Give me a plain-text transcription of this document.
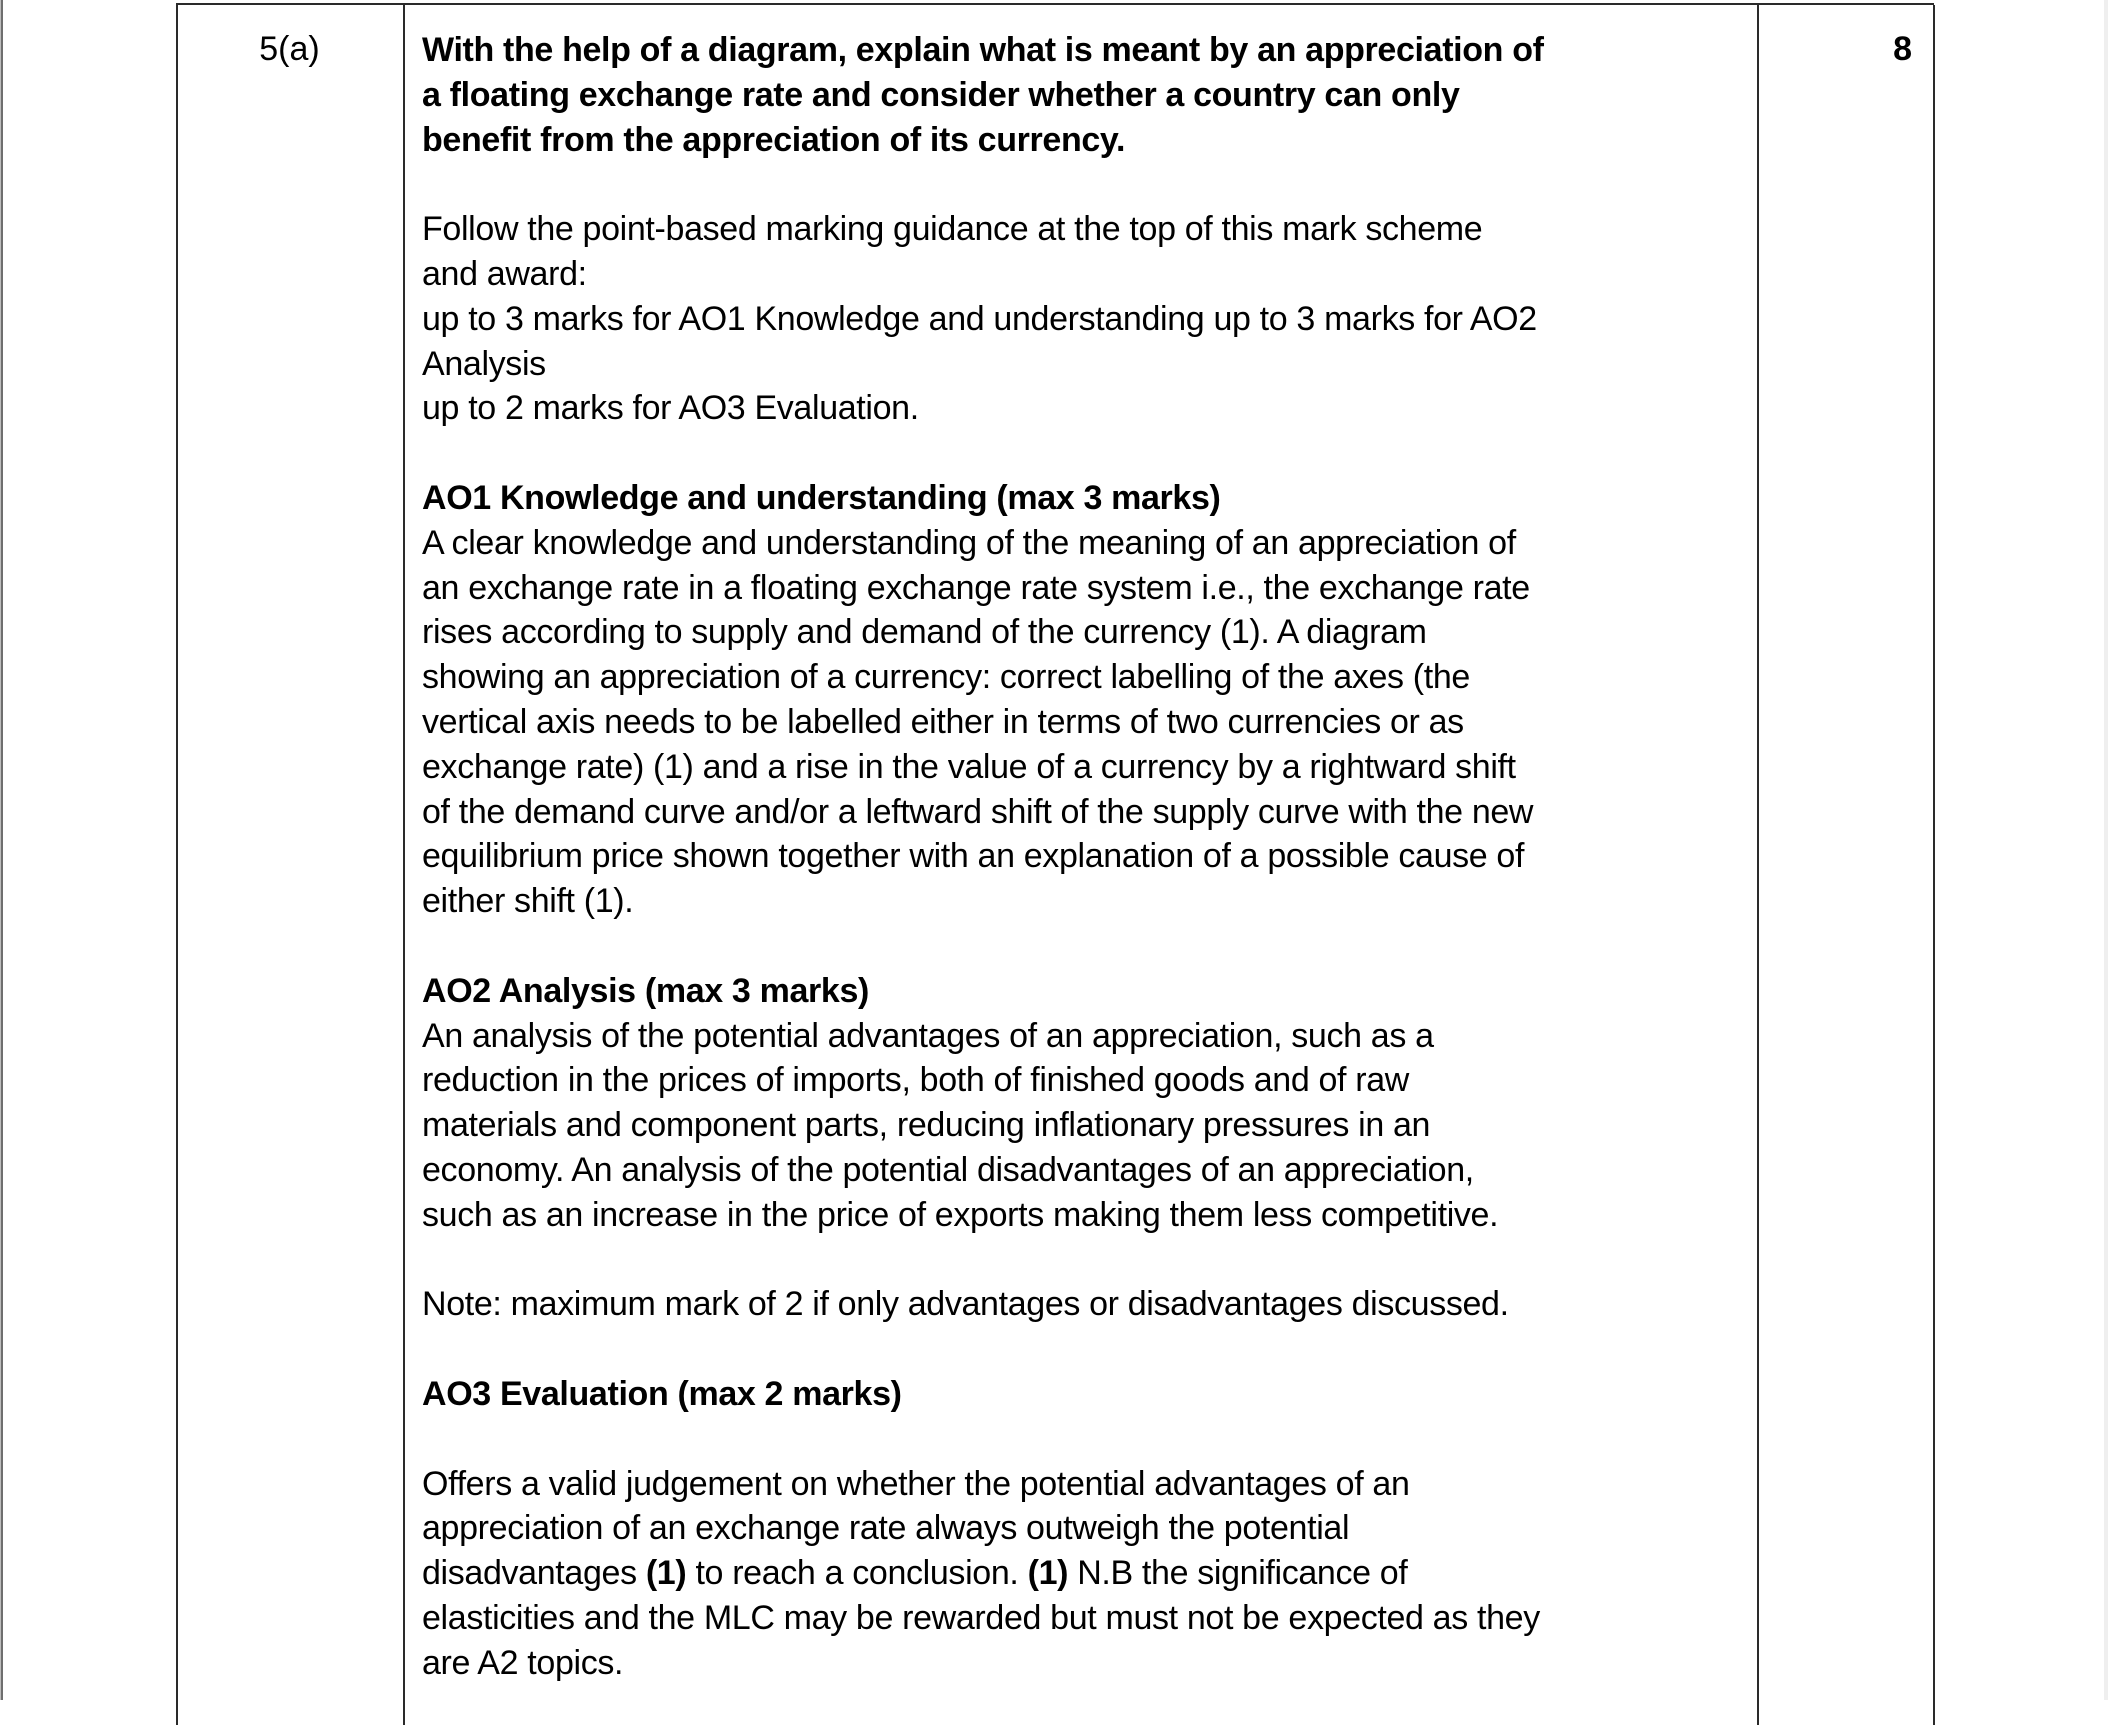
5(a)	With the help of a diagram, explain what is meant by an appreciation of
a floating exchange rate and consider whether a country can only
benefit from the appreciation of its currency.
Follow the point-based marking guidance at the top of this mark scheme
and award:
up to 3 marks for AO1 Knowledge and understanding up to 3 marks for AO2
Analysis
up to 2 marks for AO3 Evaluation.
AO1 Knowledge and understanding (max 3 marks)
A clear knowledge and understanding of the meaning of an appreciation of
an exchange rate in a floating exchange rate system i.e., the exchange rate
rises according to supply and demand of the currency (1). A diagram
showing an appreciation of a currency: correct labelling of the axes (the
vertical axis needs to be labelled either in terms of two currencies or as
exchange rate) (1) and a rise in the value of a currency by a rightward shift
of the demand curve and/or a leftward shift of the supply curve with the new
equilibrium price shown together with an explanation of a possible cause of
either shift (1).
AO2 Analysis (max 3 marks)
An analysis of the potential advantages of an appreciation, such as a
reduction in the prices of imports, both of finished goods and of raw
materials and component parts, reducing inflationary pressures in an
economy. An analysis of the potential disadvantages of an appreciation,
such as an increase in the price of exports making them less competitive.
Note: maximum mark of 2 if only advantages or disadvantages discussed.
AO3 Evaluation (max 2 marks)
Offers a valid judgement on whether the potential advantages of an
appreciation of an exchange rate always outweigh the potential
disadvantages (1) to reach a conclusion. (1) N.B the significance of
elasticities and the MLC may be rewarded but must not be expected as they
are A2 topics.
8
